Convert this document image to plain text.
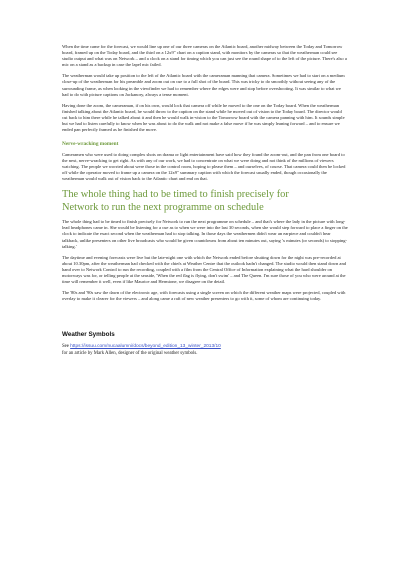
When the time came for the forecast, we would line up one of our three cameras on the Atlantic board, another midway between the Today and Tomorrow board, framed up on the Today board, and the third on a 12x9" chart on a caption stand, with monitors by the cameras so that the weatherman could see studio output and what was on Network – and a clock on a stand for timing which you can just see the round shape of to the left of the picture. There's also a mic on a stand as a backup in case the lapel mic failed.

The weatherman would take up position to the left of the Atlantic board with the cameraman manning that camera. Sometimes we had to start on a medium close-up of the weatherman for his preamble and zoom out on cue to a full shot of the board. This was tricky to do smoothly without seeing any of the surrounding frame, as when looking in the viewfinder we had to remember where the edges were and stop before overshooting. It was similar to what we had to do with picture captions on Jackanory, always a tense moment.

Having done the zoom, the cameraman, if on his own, would lock that camera off while he moved to the one on the Today board. When the weatherman finished talking about the Atlantic board, he would throw to the caption on the stand while he moved out of vision to the Today board. The director would cut back to him there while he talked about it and then he would walk in-vision to the Tomorrow board with the camera panning with him. It sounds simple but we had to listen carefully to know when he was about to do the walk and not make a false move if he was simply leaning forward – and to ensure we ended pan perfectly framed as he finished the move.

Nerve-wracking moment

Cameramen who were used to doing complex shots on drama or light entertainment have said how they found the zoom-out, and the pan from one board to the next, nerve-wracking to get right. As with any of our work, we had to concentrate on what we were doing and not think of the millions of viewers watching. The people we worried about were those in the control room, hoping to please them – and ourselves, of course. That camera could then be locked off while the operator moved to frame up a camera on the 12x9" summary caption with which the forecast usually ended, though occasionally the weatherman would walk out of vision back to the Atlantic chart and end on that.

The whole thing had to be timed to finish precisely for Network to run the next programme on schedule

The whole thing had to be timed to finish precisely for Network to run the next programme on schedule – and that's where the lady in the picture with long-lead headphones came in. She would be listening for a cue as to when we were into the last 30 seconds, when she would step forward to place a finger on the clock to indicate the exact second when the weatherman had to stop talking. In those days the weathermen didn't wear an earpiece and couldn't hear talkback, unlike presenters on other live broadcasts who would be given countdowns from about ten minutes out, saying 'x minutes (or seconds) to stopping-talking.'

The daytime and evening forecasts were live but the late-night one with which the Network ended before shutting down for the night was pre-recorded at about 10.30pm, after the weatherman had checked with the chiefs at Weather Centre that the outlook hadn't changed. The studio would then stand down and hand over to Network Control to run the recording, coupled with a film from the Central Office of Information explaining what the hard shoulder on motorways was for, or telling people at the seaside, 'When the red flag is flying, don't swim' – and The Queen. I'm sure those of you who were around at the time will remember it well, even if like Maurice and Hermione, we disagree on the detail.

The '80s and '90s saw the dawn of the electronic age, with forecasts using a single screen on which the different weather maps were projected, coupled with overlay to make it clearer for the viewers – and along came a raft of new weather presenters to go with it, some of whom are continuing today.

Weather Symbols

See https://issuu.com/nucaalumni/docs/beyond_edition_13_winter_2013/10
for an article by Mark Allen, designer of the original weather symbols.
